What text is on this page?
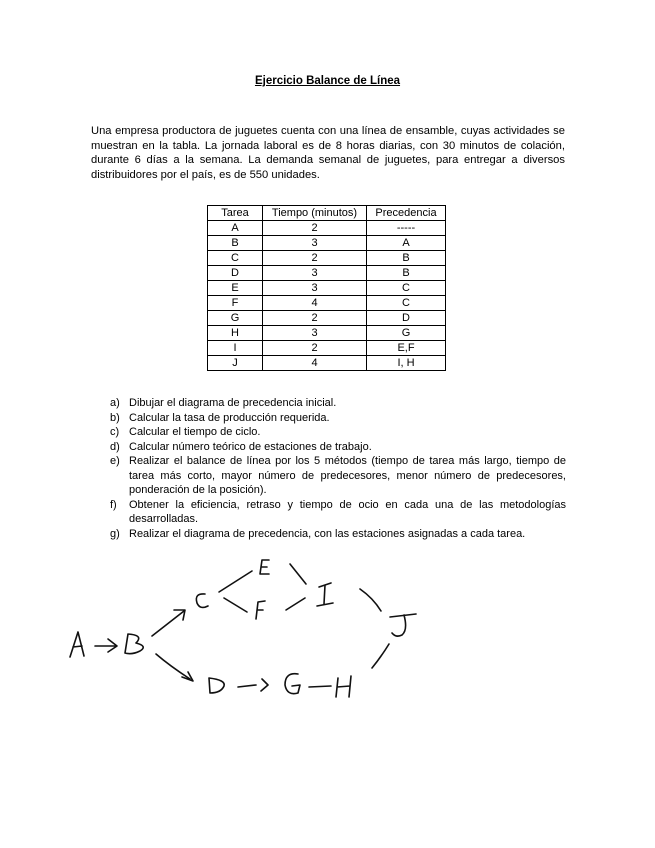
Ejercicio Balance de Línea
Una empresa productora de juguetes cuenta con una línea de ensamble, cuyas actividades se muestran en la tabla. La jornada laboral es de 8 horas diarias, con 30 minutos de colación, durante 6 días a la semana. La demanda semanal de juguetes, para entregar a diversos distribuidores por el país, es de 550 unidades.
Tarea	Tiempo (minutos)	Precedencia
A	2	-----
B	3	A
C	2	B
D	3	B
E	3	C
F	4	C
G	2	D
H	3	G
I	2	E,F
J	4	I, H
a) Dibujar el diagrama de precedencia inicial.
b) Calcular la tasa de producción requerida.
c) Calcular el tiempo de ciclo.
d) Calcular número teórico de estaciones de trabajo.
e) Realizar el balance de línea por los 5 métodos (tiempo de tarea más largo, tiempo de tarea más corto, mayor número de predecesores, menor número de predecesores, ponderación de la posición).
f)	Obtener la eficiencia, retraso y tiempo de ocio en cada una de las metodologías desarrolladas.
g) Realizar el diagrama de precedencia, con las estaciones asignadas a cada tarea.
